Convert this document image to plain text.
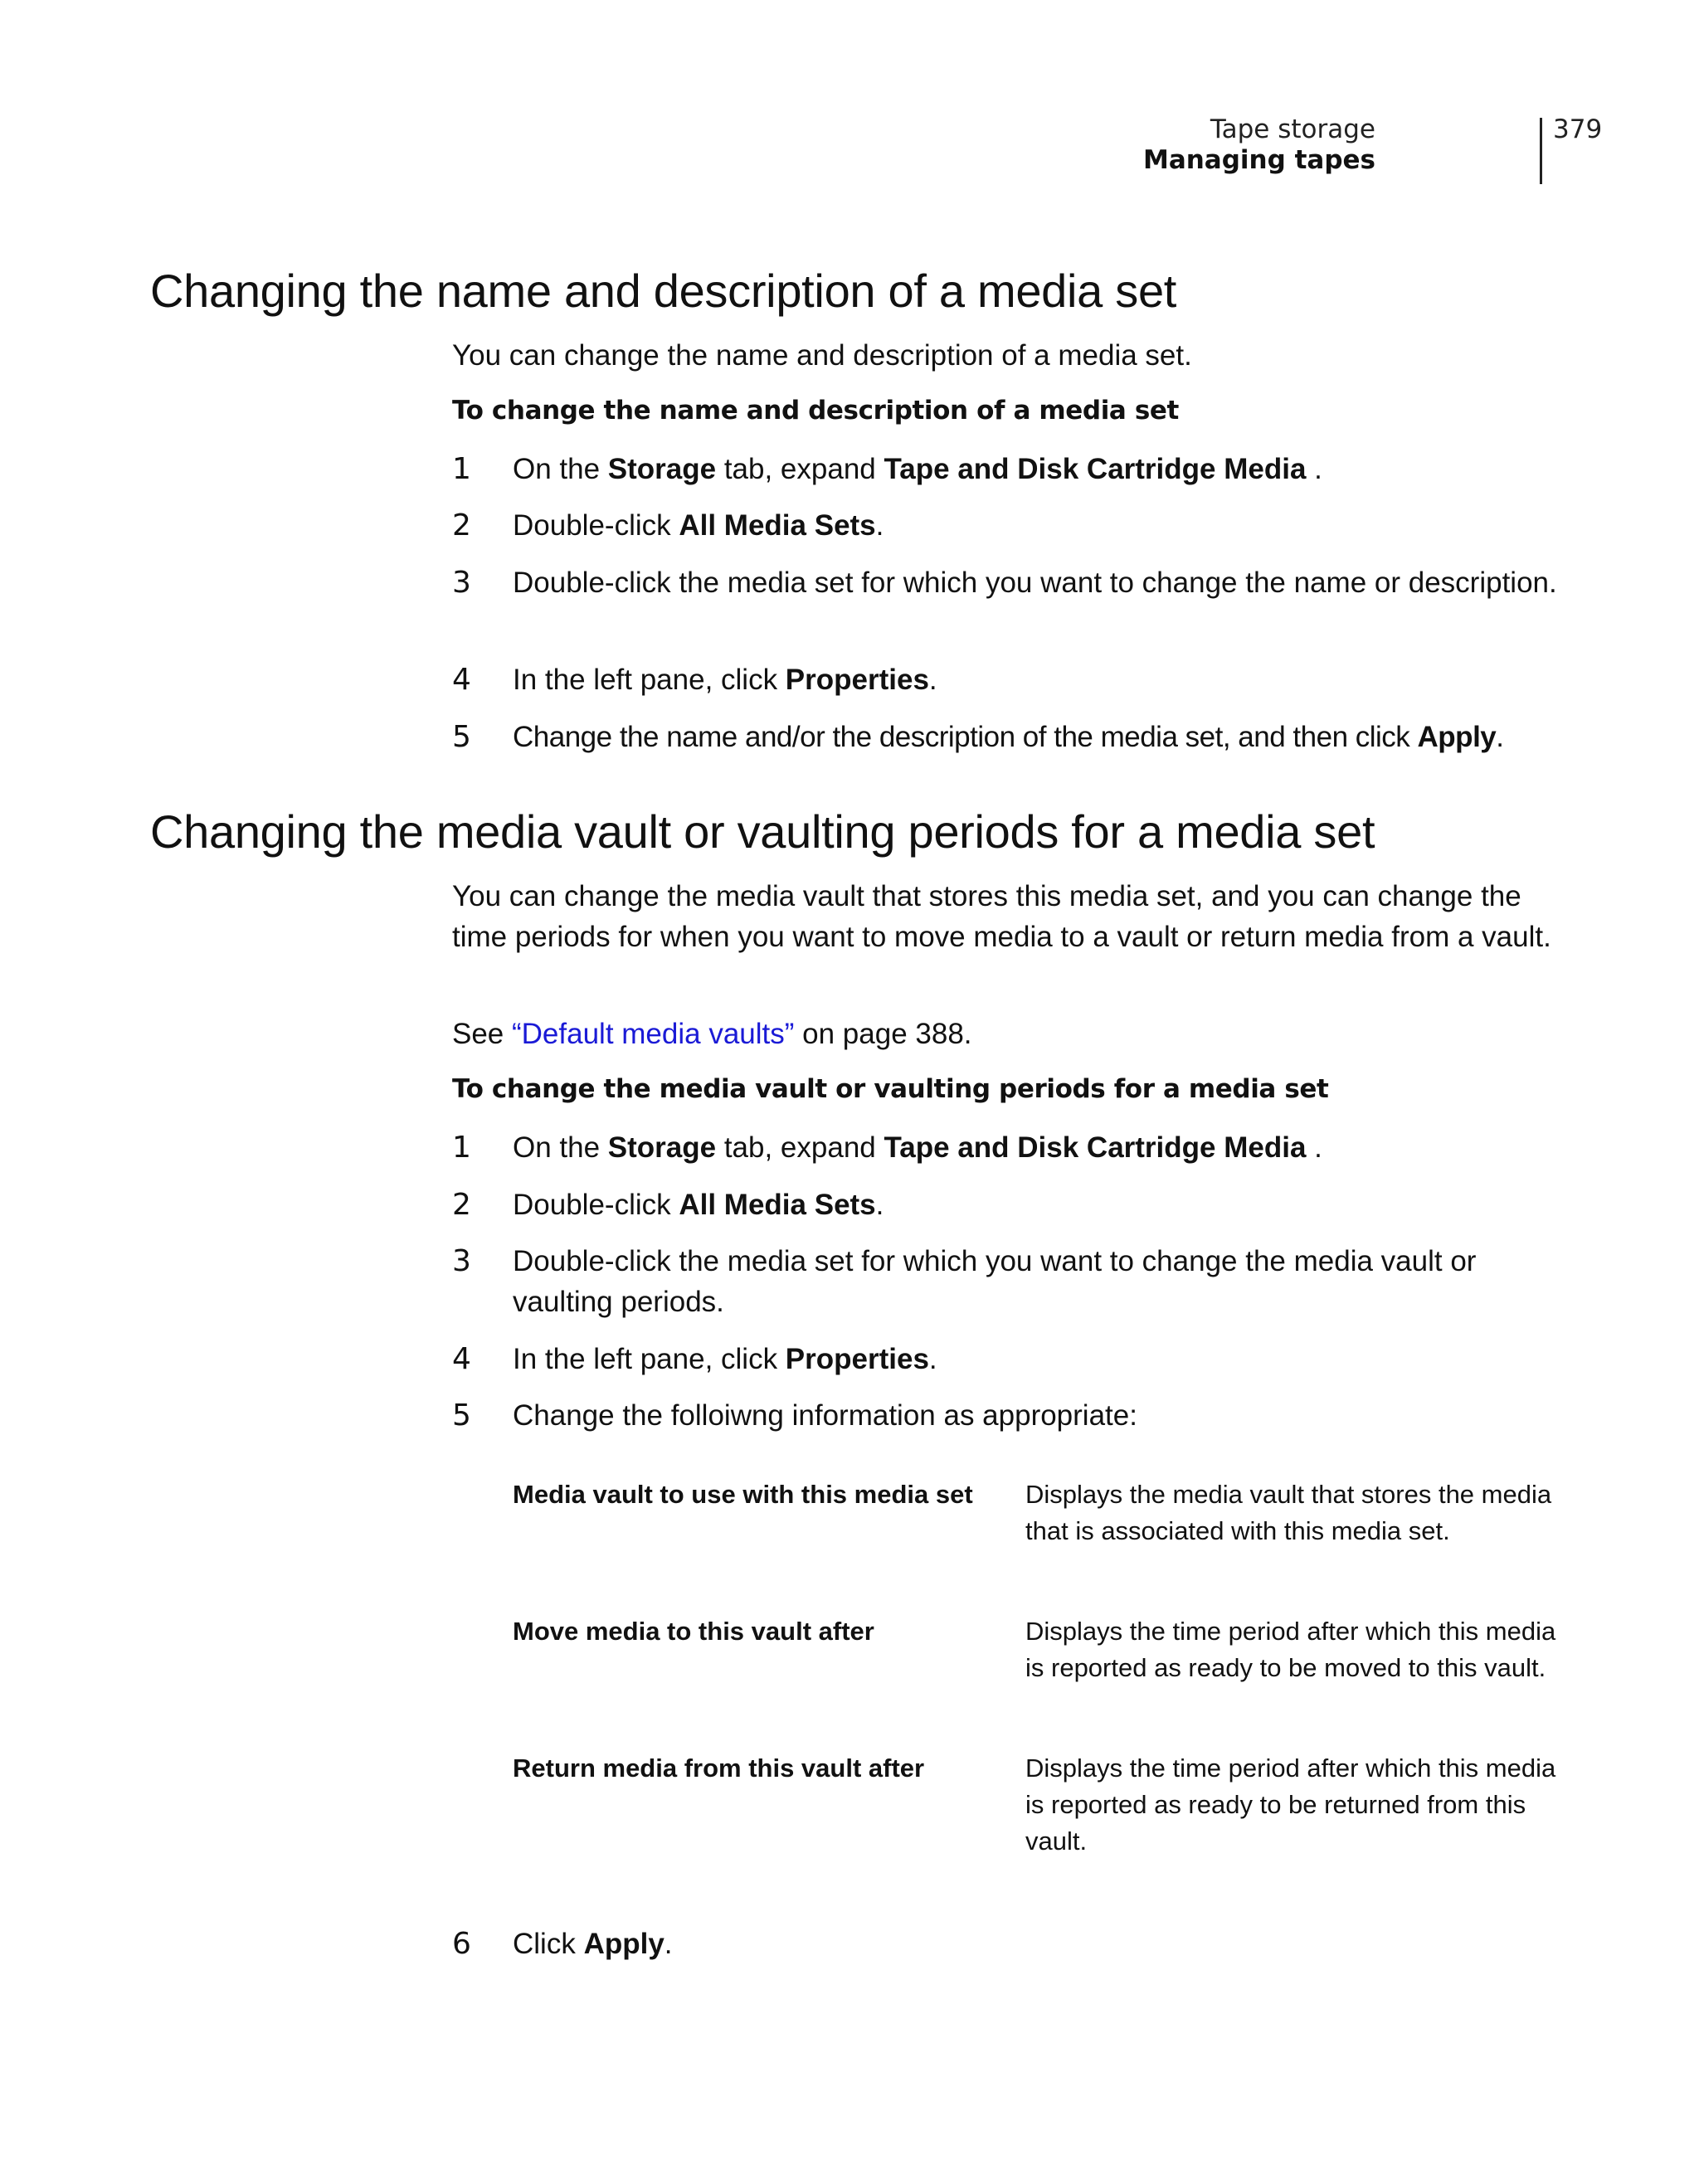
Tape storage
Managing tapes
379
Changing the name and description of a media set

You can change the name and description of a media set.

To change the name and description of a media set

1 On the Storage tab, expand Tape and Disk Cartridge Media .
2 Double-click All Media Sets.
3 Double-click the media set for which you want to change the name or description.
4 In the left pane, click Properties.
5 Change the name and/or the description of the media set, and then click Apply.
Changing the media vault or vaulting periods for a media set

You can change the media vault that stores this media set, and you can change the time periods for when you want to move media to a vault or return media from a vault.

See “Default media vaults” on page 388.

To change the media vault or vaulting periods for a media set

1 On the Storage tab, expand Tape and Disk Cartridge Media .
2 Double-click All Media Sets.
3 Double-click the media set for which you want to change the media vault or vaulting periods.
4 In the left pane, click Properties.
5 Change the folloiwng information as appropriate:
Media vault to use with this media set	Displays the media vault that stores the media that is associated with this media set.
Move media to this vault after	Displays the time period after which this media is reported as ready to be moved to this vault.
Return media from this vault after	Displays the time period after which this media is reported as ready to be returned from this vault.
6 Click Apply.
